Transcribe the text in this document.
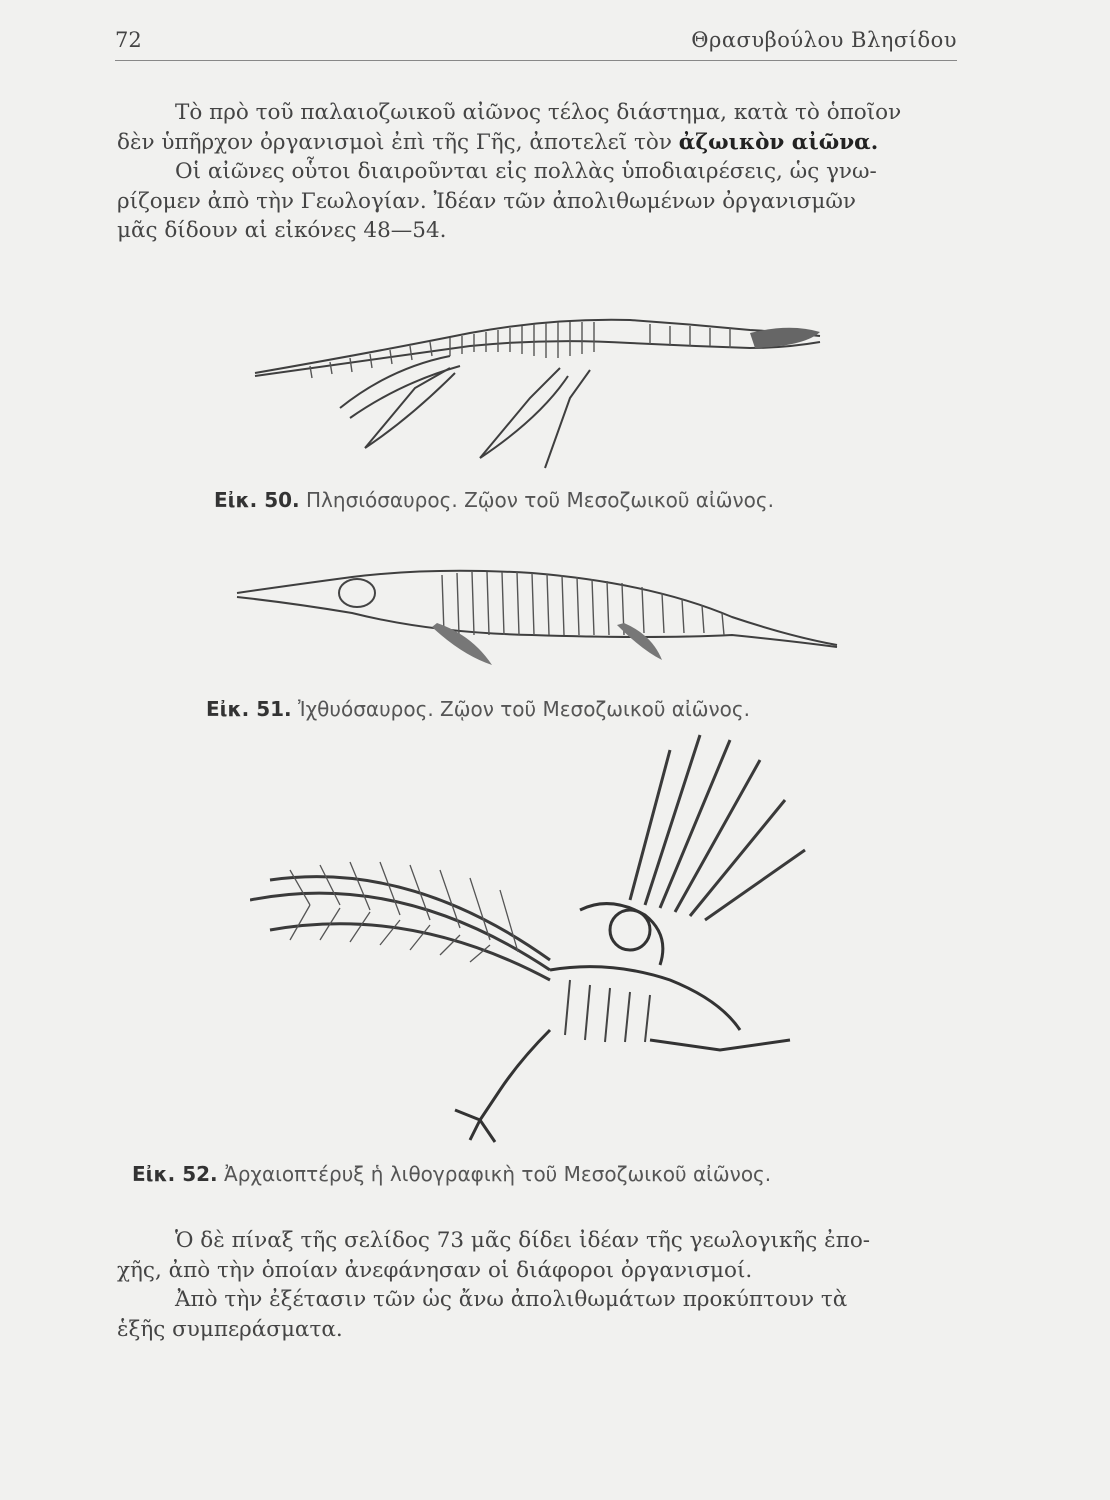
72	Θρασυβούλου Βλησίδου
Τὸ πρὸ τοῦ παλαιοζωικοῦ αἰῶνος τέλος διάστημα, κατὰ τὸ ὁποῖον
δὲν ὑπῆρχον ὀργανισμοὶ ἐπὶ τῆς Γῆς, ἀποτελεῖ τὸν ἀζωικὸν αἰῶνα.
Οἱ αἰῶνες οὗτοι διαιροῦνται εἰς πολλὰς ὑποδιαιρέσεις, ὡς γνω-
ρίζομεν ἀπὸ τὴν Γεωλογίαν. Ἰδέαν τῶν ἀπολιθωμένων ὀργανισμῶν
μᾶς δίδουν αἱ εἰκόνες 48—54.
Εἰκ. 50. Πλησιόσαυρος. Ζῷον τοῦ Μεσοζωικοῦ αἰῶνος.
Εἰκ. 51. Ἰχθυόσαυρος. Ζῷον τοῦ Μεσοζωικοῦ αἰῶνος.
Εἰκ. 52. Ἀρχαιοπτέρυξ ἡ λιθογραφικὴ τοῦ Μεσοζωικοῦ αἰῶνος.
Ὁ δὲ πίναξ τῆς σελίδος 73 μᾶς δίδει ἰδέαν τῆς γεωλογικῆς ἐπο-
χῆς, ἀπὸ τὴν ὁποίαν ἀνεφάνησαν οἱ διάφοροι ὀργανισμοί.
Ἀπὸ τὴν ἐξέτασιν τῶν ὡς ἄνω ἀπολιθωμάτων προκύπτουν τὰ
ἑξῆς συμπεράσματα.
